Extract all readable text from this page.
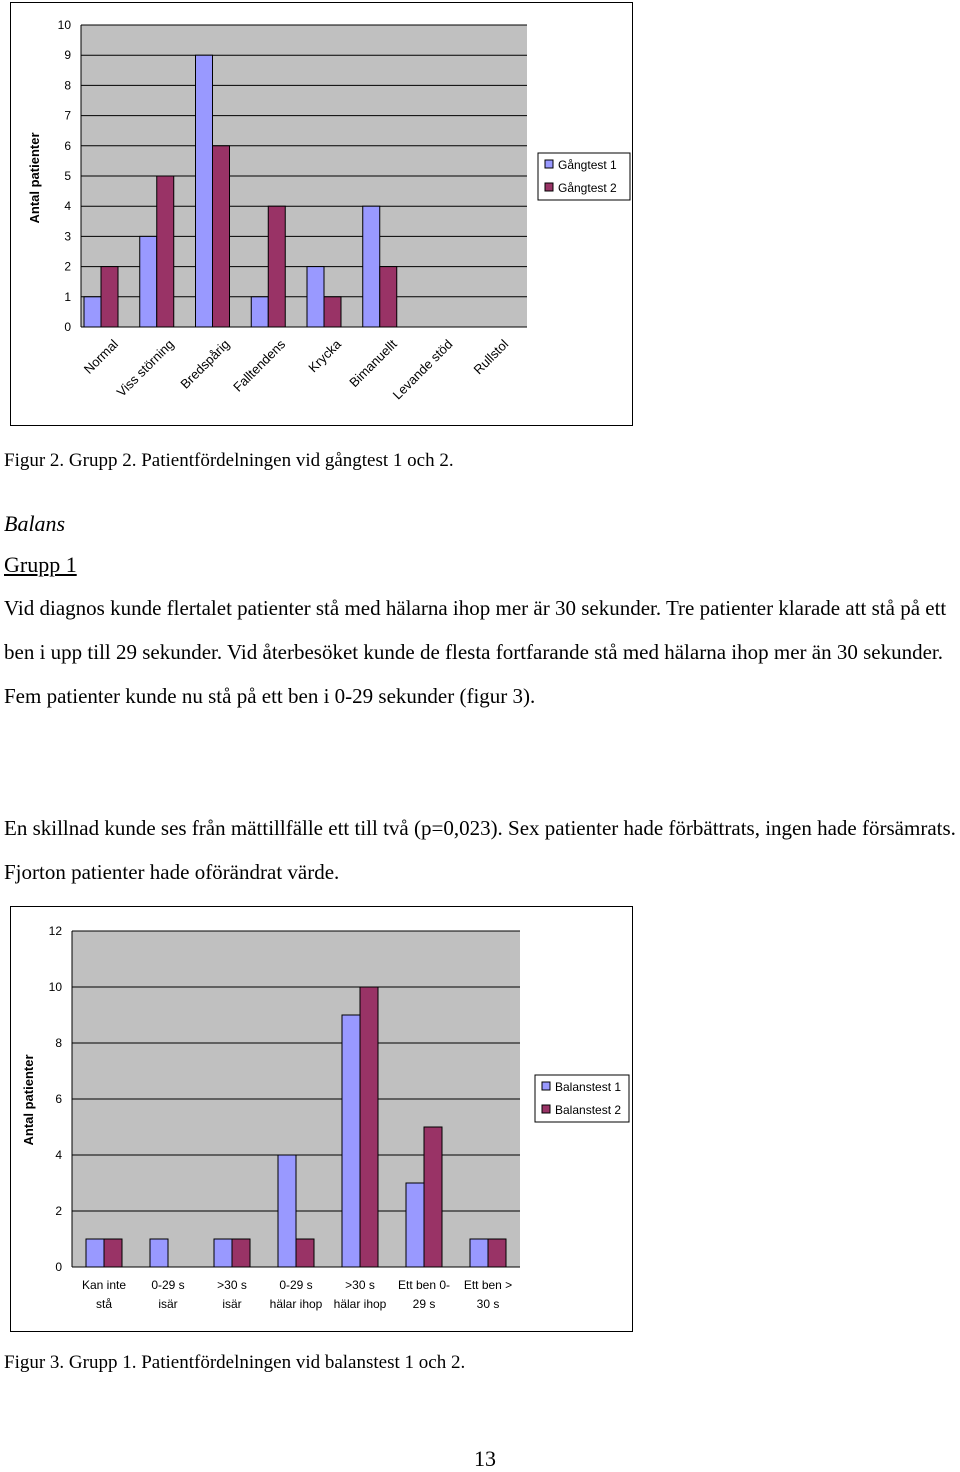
0
1
2
3
4
5
6
7
8
9
10
Antal patienter
Normal
Viss störning Bredspårig
Falltendens Krycka Bimanuellt
Levande stöd Rullstol
Gångtest 1
Gångtest 2
Figur 2. Grupp 2. Patientfördelningen vid gångtest 1 och 2.
Balans
Grupp 1

Vid diagnos kunde flertalet patienter stå med hälarna ihop mer är 30 sekunder. Tre patienter klarade att stå på ett ben i upp till 29 sekunder. Vid återbesöket kunde de flesta fortfarande stå med hälarna ihop mer än 30 sekunder. Fem patienter kunde nu stå på ett ben i 0-29 sekunder (figur 3).

En skillnad kunde ses från mättillfälle ett till två (p=0,023). Sex patienter hade förbättrats, ingen hade försämrats. Fjorton patienter hade oförändrat värde.

0
2
4
6
8
10
12
Antal patienter
Kan inte
stå
0-29 s
isär
>30 s
isär
0-29 s
hälar ihop
>30 s
hälar ihop
Ett ben 0-
29 s
Ett ben >
30 s
Balanstest 1
Balanstest 2
Figur 3. Grupp 1. Patientfördelningen vid balanstest 1 och 2.
13
